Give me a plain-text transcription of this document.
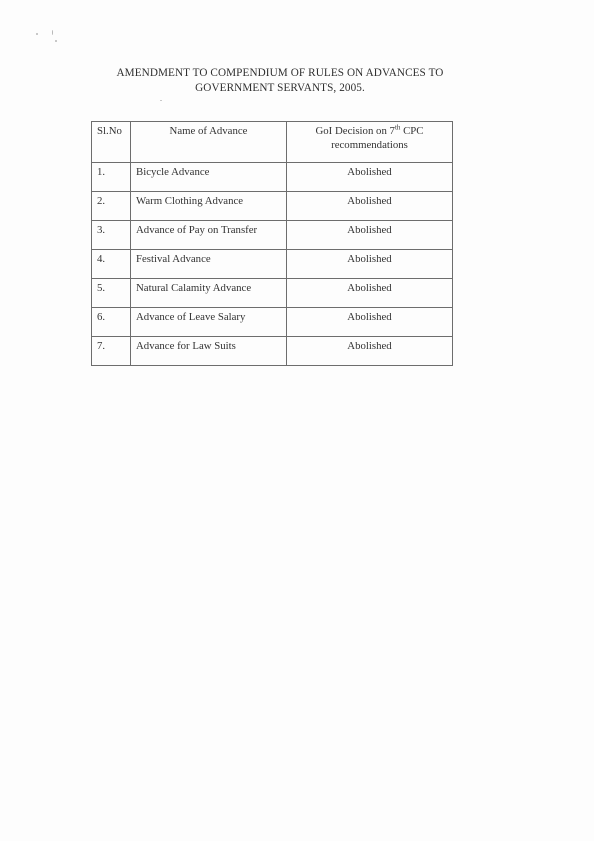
AMENDMENT TO COMPENDIUM OF RULES ON ADVANCES TO
GOVERNMENT SERVANTS, 2005.
Sl.No	Name of Advance	GoI Decision on 7th CPC
recommendations
1.	Bicycle Advance	Abolished
2.	Warm Clothing Advance	Abolished
3.	Advance of Pay on Transfer	Abolished
4.	Festival Advance	Abolished
5.	Natural Calamity Advance	Abolished
6.	Advance of Leave Salary	Abolished
7.	Advance for Law Suits	Abolished
